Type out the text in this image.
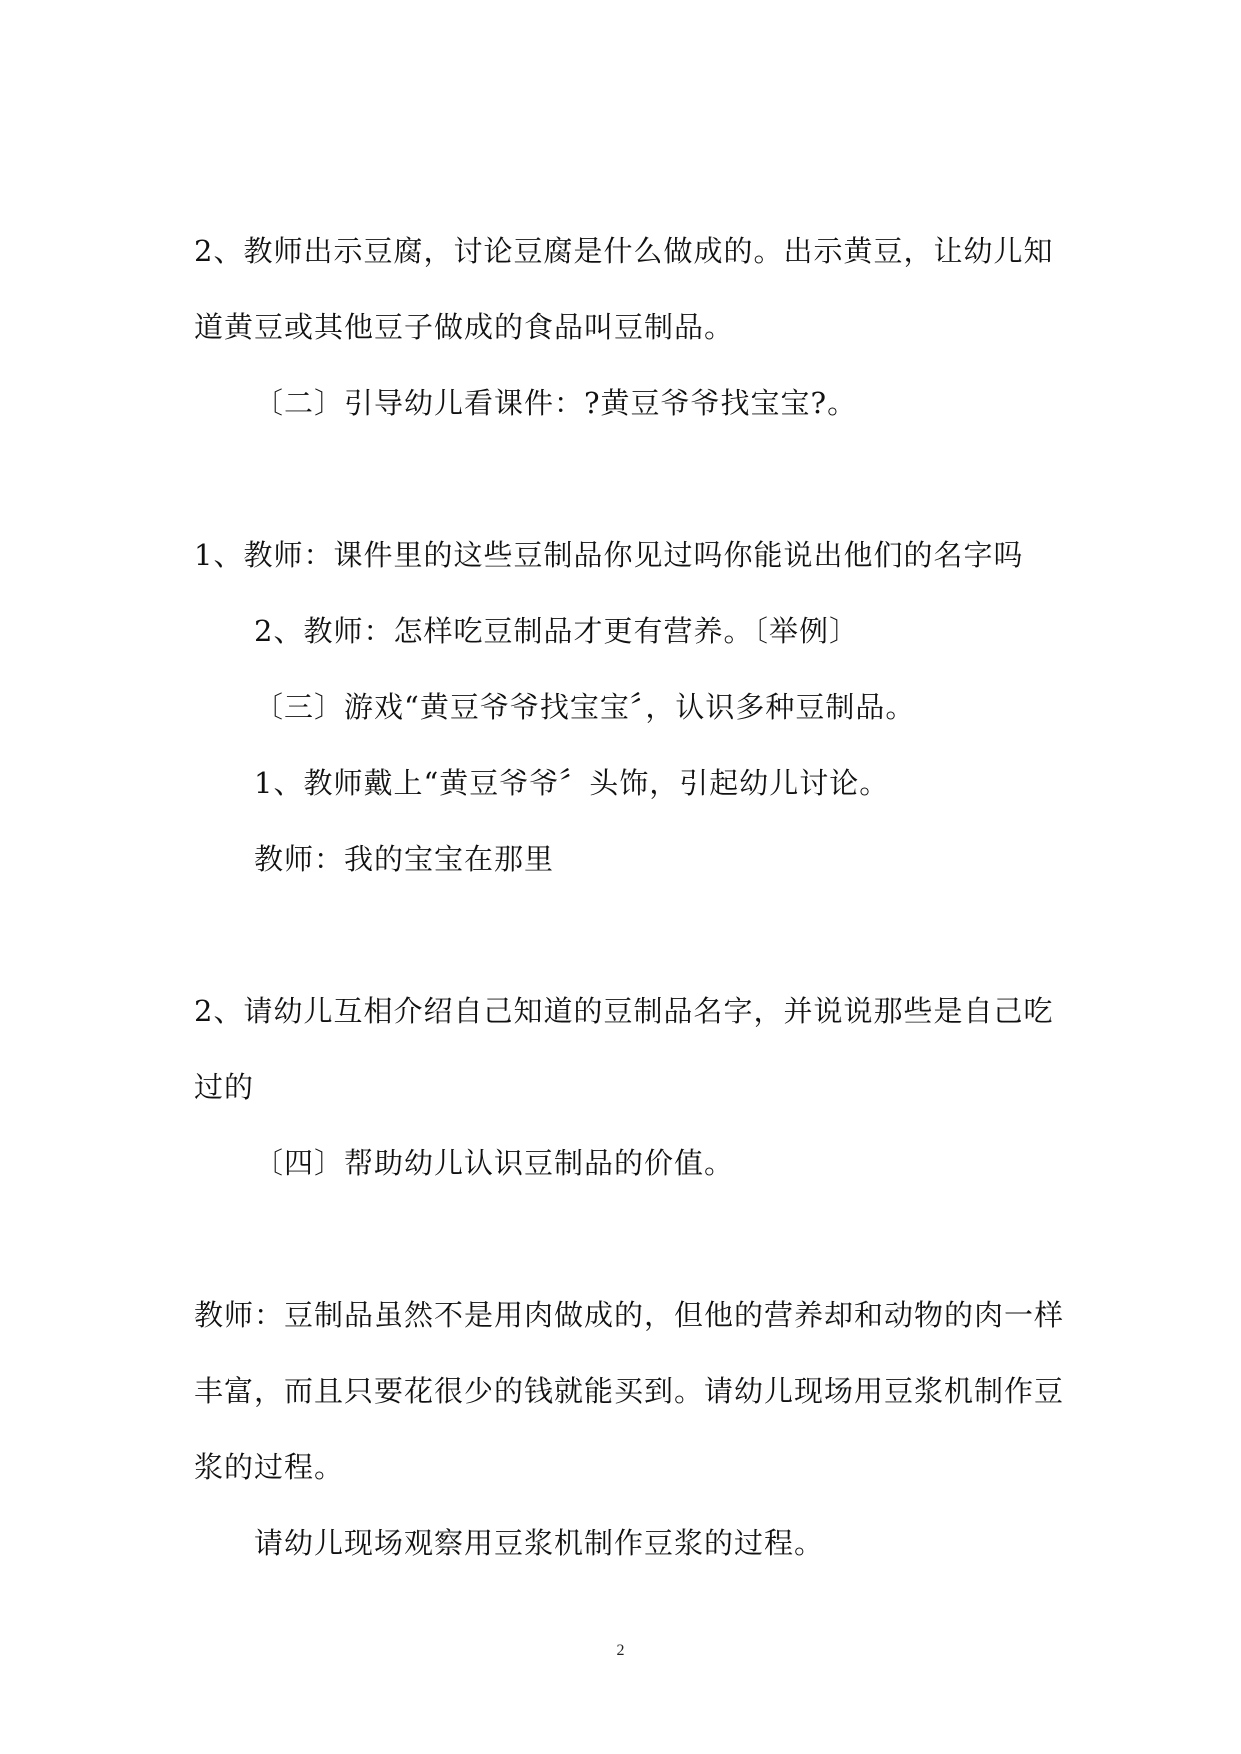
2、教师出示豆腐，讨论豆腐是什么做成的。出示黄豆，让幼儿知
道黄豆或其他豆子做成的食品叫豆制品。
〔二〕引导幼儿看课件：?黄豆爷爷找宝宝?。
1、教师：课件里的这些豆制品你见过吗你能说出他们的名字吗
2、教师：怎样吃豆制品才更有营养。〔举例〕
〔三〕游戏“黄豆爷爷找宝宝〞，认识多种豆制品。
1、教师戴上“黄豆爷爷〞头饰，引起幼儿讨论。
教师：我的宝宝在那里
2、请幼儿互相介绍自己知道的豆制品名字，并说说那些是自己吃
过的
〔四〕帮助幼儿认识豆制品的价值。
教师：豆制品虽然不是用肉做成的，但他的营养却和动物的肉一样
丰富，而且只要花很少的钱就能买到。请幼儿现场用豆浆机制作豆
浆的过程。
请幼儿现场观察用豆浆机制作豆浆的过程。
2
